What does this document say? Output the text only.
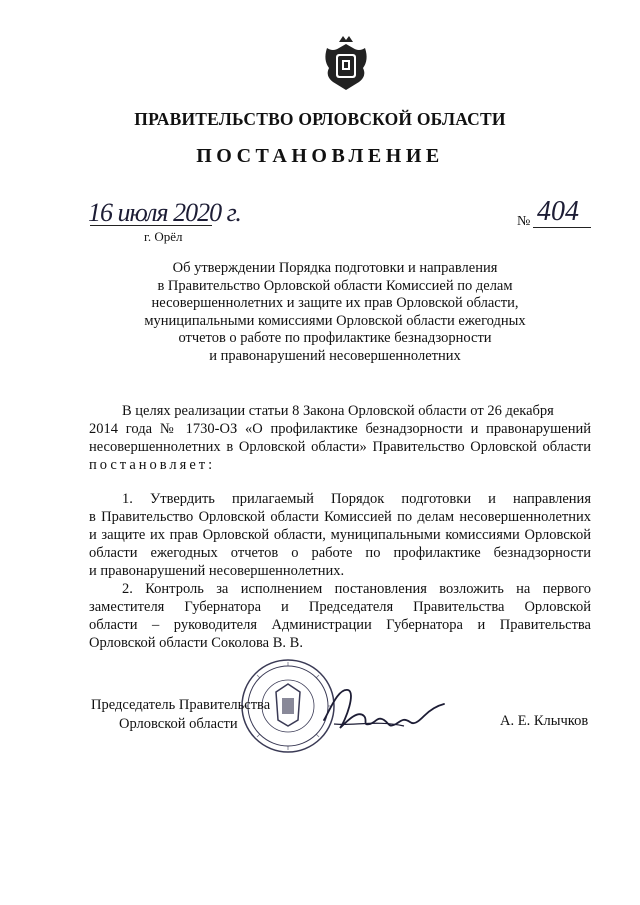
ПРАВИТЕЛЬСТВО ОРЛОВСКОЙ ОБЛАСТИ
ПОСТАНОВЛЕНИЕ
16 июля 2020 г.	№ 404
г. Орёл
Об утверждении Порядка подготовки и направления
в Правительство Орловской области Комиссией по делам
несовершеннолетних и защите их прав Орловской области,
муниципальными комиссиями Орловской области ежегодных
отчетов о работе по профилактике безнадзорности
и правонарушений несовершеннолетних
В целях реализации статьи 8 Закона Орловской области от 26 декабря
2014 года № 1730-ОЗ «О профилактике безнадзорности и правонарушений
несовершеннолетних в Орловской области» Правительство Орловской области
постановляет:
1. Утвердить прилагаемый Порядок подготовки и направления
в Правительство Орловской области Комиссией по делам несовершеннолетних
и защите их прав Орловской области, муниципальными комиссиями Орловской
области ежегодных отчетов о работе по профилактике безнадзорности
и правонарушений несовершеннолетних.
2. Контроль за исполнением постановления возложить на первого
заместителя Губернатора и Председателя Правительства Орловской
области – руководителя Администрации Губернатора и Правительства
Орловской области Соколова В. В.
Председатель Правительства
Орловской области	А. Е. Клычков
